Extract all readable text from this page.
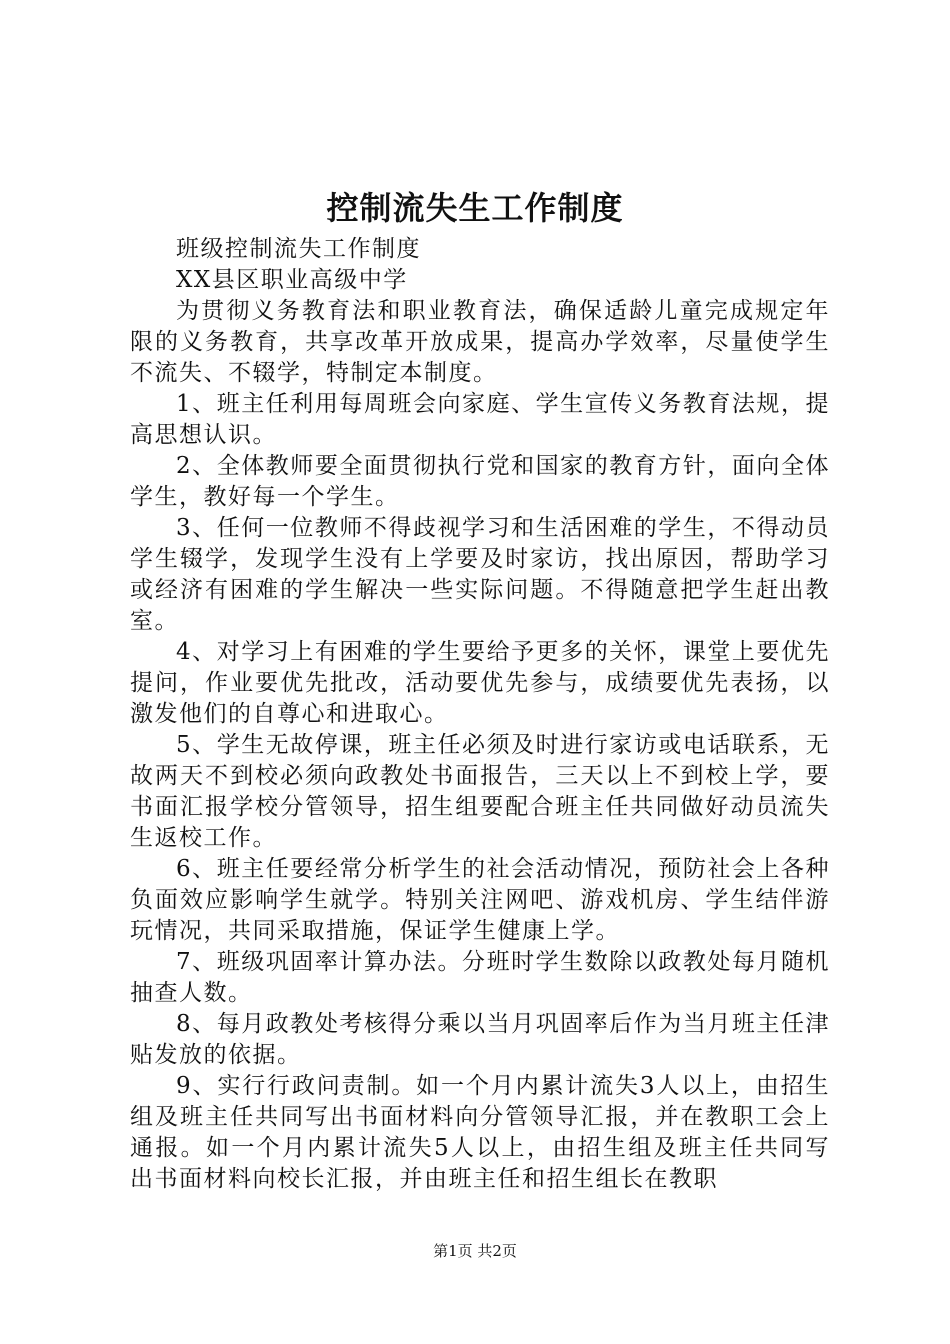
控制流失生工作制度

班级控制流失工作制度

XX县区职业高级中学

为贯彻义务教育法和职业教育法，确保适龄儿童完成规定年限的义务教育，共享改革开放成果，提高办学效率，尽量使学生不流失、不辍学，特制定本制度。

1、班主任利用每周班会向家庭、学生宣传义务教育法规，提高思想认识。

2、全体教师要全面贯彻执行党和国家的教育方针，面向全体学生，教好每一个学生。

3、任何一位教师不得歧视学习和生活困难的学生，不得动员学生辍学，发现学生没有上学要及时家访，找出原因，帮助学习或经济有困难的学生解决一些实际问题。不得随意把学生赶出教室。

4、对学习上有困难的学生要给予更多的关怀，课堂上要优先提问，作业要优先批改，活动要优先参与，成绩要优先表扬，以激发他们的自尊心和进取心。

5、学生无故停课，班主任必须及时进行家访或电话联系，无故两天不到校必须向政教处书面报告，三天以上不到校上学，要书面汇报学校分管领导，招生组要配合班主任共同做好动员流失生返校工作。

6、班主任要经常分析学生的社会活动情况，预防社会上各种负面效应影响学生就学。特别关注网吧、游戏机房、学生结伴游玩情况，共同采取措施，保证学生健康上学。

7、班级巩固率计算办法。分班时学生数除以政教处每月随机抽查人数。

8、每月政教处考核得分乘以当月巩固率后作为当月班主任津贴发放的依据。

9、实行行政问责制。如一个月内累计流失3人以上，由招生组及班主任共同写出书面材料向分管领导汇报，并在教职工会上通报。如一个月内累计流失5人以上，由招生组及班主任共同写出书面材料向校长汇报，并由班主任和招生组长在教职

第1页 共2页
